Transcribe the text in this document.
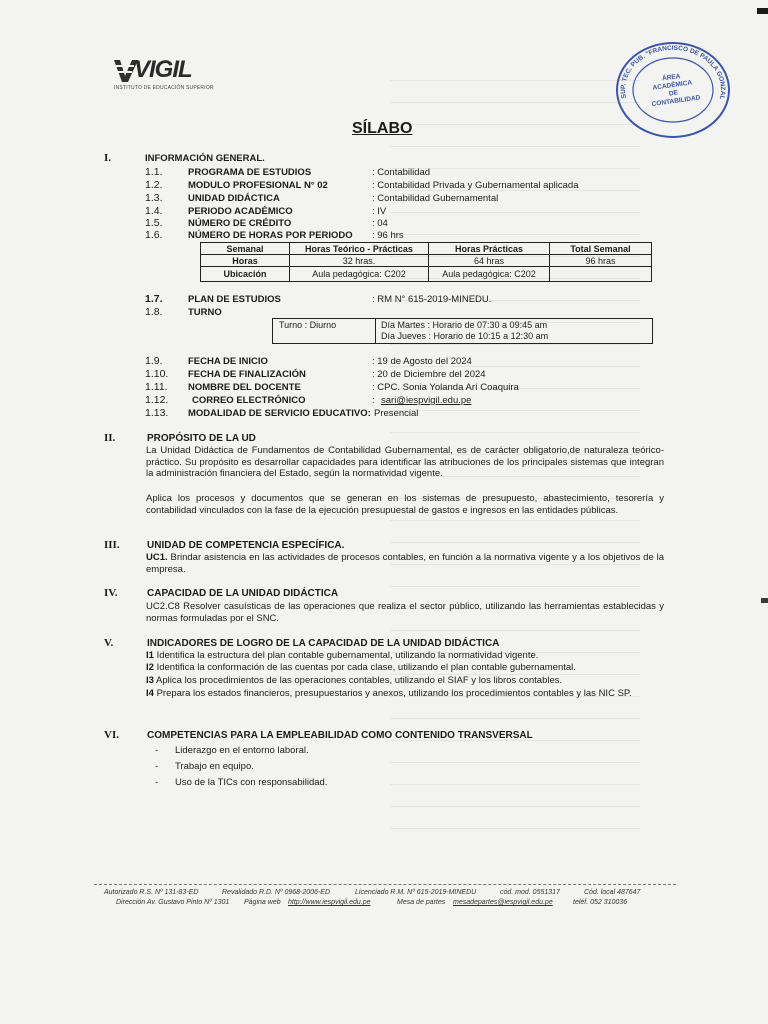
VIGIL
INSTITUTO DE EDUCACIÓN SUPERIOR
SUP. TEC. PUB. "FRANCISCO DE PAULA GONZAL
ÁREA ACADÉMICA DE CONTABILIDAD
SÍLABO
I.	INFORMACIÓN GENERAL.
1.1.	PROGRAMA DE ESTUDIOS	: Contabilidad
1.2.	MODULO PROFESIONAL N° 02	: Contabilidad Privada y Gubernamental aplicada
1.3.	UNIDAD DIDÁCTICA	: Contabilidad Gubernamental
1.4.	PERIODO ACADÉMICO	: IV
1.5.	NÚMERO DE CRÉDITO	: 04
1.6.	NÚMERO DE HORAS POR PERIODO : 96 hrs
Semanal	Horas Teórico - Prácticas	Horas Prácticas	Total Semanal
Horas	32 hras.	64 hras	96 hras
Ubicación	Aula pedagógica: C202	Aula pedagógica: C202	
1.7.	PLAN DE ESTUDIOS	: RM N° 615-2019-MINEDU.
1.8.	TURNO
Turno : Diurno	Día Martes : Horario de 07:30 a 09:45 am
Día Jueves : Horario de 10:15 a 12:30 am
1.9.	FECHA DE INICIO	: 19 de Agosto del 2024
1.10. FECHA DE FINALIZACIÓN	: 20 de Diciembre del 2024
1.11. NOMBRE DEL DOCENTE	: CPC. Sonia Yolanda Arí Coaquira
1.12. CORREO ELECTRÓNICO	: sari@iespvigil.edu.pe
1.13. MODALIDAD DE SERVICIO EDUCATIVO: Presencial
II.	PROPÓSITO DE LA UD
La Unidad Didáctica de Fundamentos de Contabilidad Gubernamental, es de carácter obligatorio,de naturaleza teórico-práctico. Su propósito es desarrollar capacidades para identificar las atribuciones de los principales sistemas que integran la administración financiera del Estado, según la normatividad vigente.
Aplica los procesos y documentos que se generan en los sistemas de presupuesto, abastecimiento, tesorería y contabilidad vinculados con la fase de la ejecución presupuestal de gastos e ingresos en las entidades públicas.
III.	UNIDAD DE COMPETENCIA ESPECÍFICA.
UC1. Brindar asistencia en las actividades de procesos contables, en función a la normativa vigente y a los objetivos de la empresa.
IV.	CAPACIDAD DE LA UNIDAD DIDÁCTICA
UC2.C8 Resolver casuísticas de las operaciones que realiza el sector público, utilizando las herramientas establecidas y normas formuladas por el SNC.
V.	INDICADORES DE LOGRO DE LA CAPACIDAD DE LA UNIDAD DIDÁCTICA
I1 Identifica la estructura del plan contable gubernamental, utilizando la normatividad vigente.
I2 Identifica la conformación de las cuentas por cada clase, utilizando el plan contable gubernamental.
I3 Aplica los procedimientos de las operaciones contables, utilizando el SIAF y los libros contables.
I4 Prepara los estados financieros, presupuestarios y anexos, utilizando los procedimientos contables y las NIC SP.
VI.	COMPETENCIAS PARA LA EMPLEABILIDAD COMO CONTENIDO TRANSVERSAL
- Liderazgo en el entorno laboral.
- Trabajo en equipo.
- Uso de la TICs con responsabilidad.
Autorizado R.S. Nº 131-83-ED	Revalidado R.D. Nº 0968-2006-ED	Licenciado R.M. Nº 615-2019-MINEDU	cód. mod. 0551317	Cód. local 487647
Dirección Av. Gustavo Pinto Nº 1301 Página web http://www.iespvigil.edu.pe	Mesa de partes mesadepartes@iespvigil.edu.pe	teléf. 052 310036
